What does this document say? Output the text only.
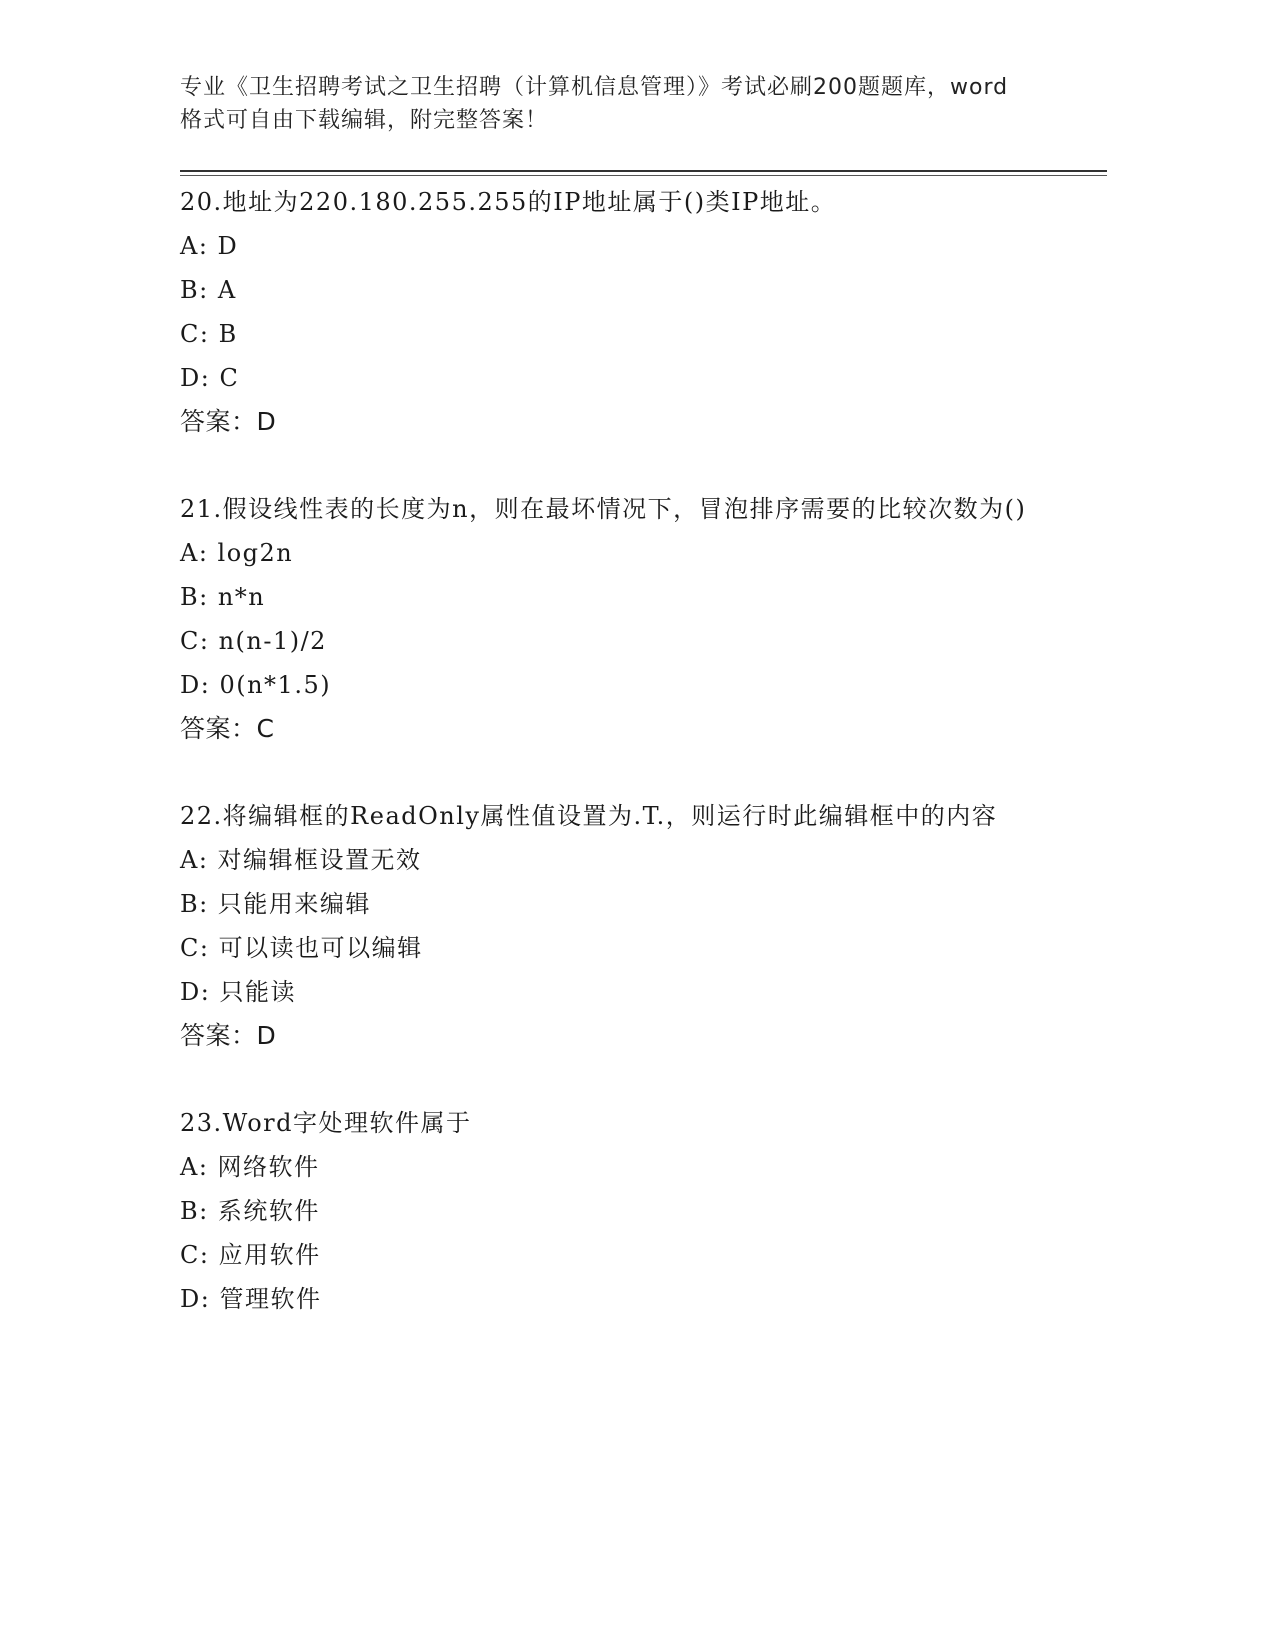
专业《卫生招聘考试之卫生招聘（计算机信息管理）》考试必刷200题题库，word
格式可自由下载编辑，附完整答案！
20.地址为220.180.255.255的IP地址属于()类IP地址。
A: D
B: A
C: B
D: C
答案：D
21.假设线性表的长度为n，则在最坏情况下，冒泡排序需要的比较次数为()
A: log2n
B: n*n
C: n(n-1)/2
D: 0(n*1.5)
答案：C
22.将编辑框的ReadOnly属性值设置为.T.，则运行时此编辑框中的内容
A: 对编辑框设置无效
B: 只能用来编辑
C: 可以读也可以编辑
D: 只能读
答案：D
23.Word字处理软件属于
A: 网络软件
B: 系统软件
C: 应用软件
D: 管理软件
